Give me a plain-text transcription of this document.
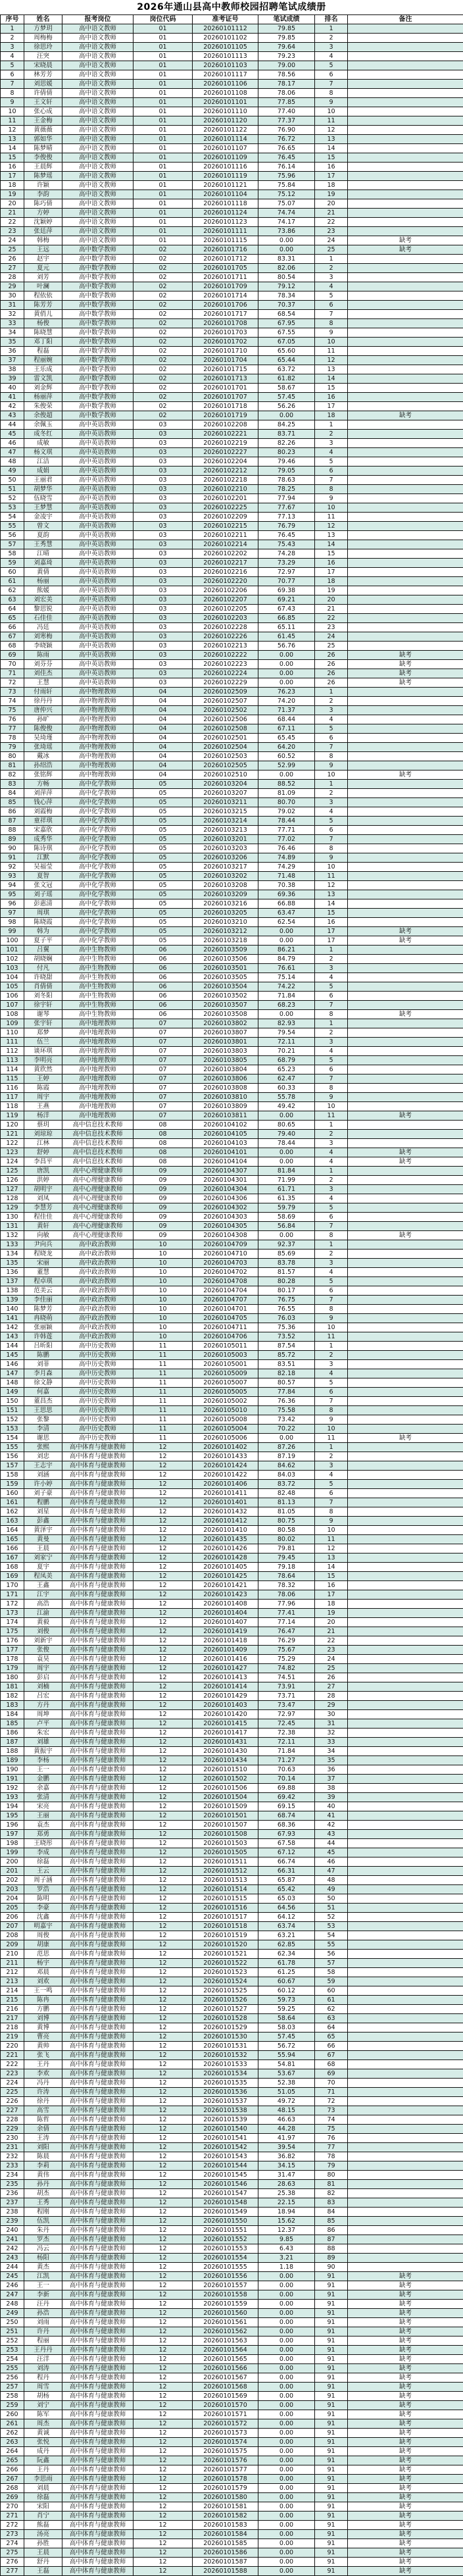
2026年通山县高中教师校园招聘笔试成绩册
序号	姓名	报考岗位	岗位代码	准考证号	笔试成绩	排名	备注
1	方梦玥	高中语文教师	01	20260101112	79.85	1	
2	周梅梅	高中语文教师	01	20260101102	79.85	2	
3	徐思玲	高中语文教师	01	20260101105	79.64	3	
4	汪突	高中语文教师	01	20260101113	79.23	4	
5	宋晓晨	高中语文教师	01	20260101103	79.00	5	
6	林芳芳	高中语文教师	01	20260101117	78.56	6	
7	刘思媛	高中语文教师	01	20260101106	78.17	7	
8	许倩倩	高中语文教师	01	20260101108	78.06	8	
9	王文轩	高中语文教师	01	20260101101	77.85	9	
10	张心成	高中语文教师	01	20260101110	77.40	10	
11	王金梅	高中语文教师	01	20260101120	77.37	11	
12	黄薇薇	高中语文教师	01	20260101122	76.90	12	
13	郭如华	高中语文教师	01	20260101114	76.72	13	
14	陈梦晴	高中语文教师	01	20260101107	76.65	14	
15	李俊俊	高中语文教师	01	20260101109	76.45	15	
16	王晨辉	高中语文教师	01	20260101116	76.14	16	
17	陈梦瑶	高中语文教师	01	20260101119	75.96	17	
18	许颖	高中语文教师	01	20260101121	75.84	18	
19	李韵	高中语文教师	01	20260101104	75.12	19	
20	陈巧倩	高中语文教师	01	20260101118	75.07	20	
21	方婷	高中语文教师	01	20260101124	74.74	21	
22	沈颖婷	高中语文教师	01	20260101123	74.17	22	
23	张廷萍	高中语文教师	01	20260101111	73.86	23	
24	韩梅	高中语文教师	01	20260101115	0.00	24	缺考
25	王远	高中数学教师	02	20260101716	0.00	25	缺考
26	赵宇	高中数学教师	02	20260101712	83.31	1	
27	夏元	高中数学教师	02	20260101705	82.06	2	
28	刘芳	高中数学教师	02	20260101711	80.54	3	
29	叶澜	高中数学教师	02	20260101709	79.12	4	
30	程依依	高中数学教师	02	20260101714	78.34	5	
31	陈芳芳	高中数学教师	02	20260101706	70.37	6	
32	黄俏儿	高中数学教师	02	20260101717	68.54	7	
33	杨俊	高中数学教师	02	20260101708	67.95	8	
34	陈晓慧	高中数学教师	02	20260101703	67.55	9	
35	邓丁阳	高中数学教师	02	20260101702	67.05	10	
36	程磊	高中数学教师	02	20260101710	65.60	11	
37	程丽婉	高中数学教师	02	20260101704	65.44	12	
38	王乐成	高中数学教师	02	20260101715	63.72	13	
39	雷文凯	高中数学教师	02	20260101713	61.82	14	
40	刘金辉	高中数学教师	02	20260101701	58.67	15	
41	杨丽萍	高中数学教师	02	20260101707	57.45	16	
42	朱俊荣	高中数学教师	02	20260101718	56.26	17	
43	余俊超	高中数学教师	02	20260101719	0.00	18	缺考
44	余佩玉	高中英语教师	03	20260102208	84.25	1	
45	成冬红	高中英语教师	03	20260102221	83.71	2	
46	成敏	高中英语教师	03	20260102219	82.26	3	
47	杨文琪	高中英语教师	03	20260102227	80.23	4	
48	江洁	高中英语教师	03	20260102204	79.46	5	
49	成娟	高中英语教师	03	20260102212	79.05	6	
50	王丽君	高中英语教师	03	20260102218	78.63	7	
51	胡梦华	高中英语教师	03	20260102210	78.25	8	
52	伍晓雪	高中英语教师	03	20260102201	77.94	9	
53	王梦慧	高中英语教师	03	20260102225	77.67	10	
54	金凌宇	高中英语教师	03	20260102209	77.13	11	
55	曾文	高中英语教师	03	20260102215	76.79	12	
56	夏韵	高中英语教师	03	20260102211	76.45	13	
57	王秀慧	高中英语教师	03	20260102214	75.43	14	
58	江晴	高中英语教师	03	20260102202	74.28	15	
59	刘嘉琦	高中英语教师	03	20260102217	73.29	16	
60	黄倩	高中英语教师	03	20260102216	72.97	17	
61	杨丽	高中英语教师	03	20260102220	70.77	18	
62	熊媛	高中英语教师	03	20260102206	69.38	19	
63	刘宏美	高中英语教师	03	20260102207	69.21	20	
64	黎思锐	高中英语教师	03	20260102205	67.43	21	
65	石佳佳	高中英语教师	03	20260102203	66.85	22	
66	冯廷	高中英语教师	03	20260102228	65.11	23	
67	刘寒梅	高中英语教师	03	20260102226	61.45	24	
68	李晓颖	高中英语教师	03	20260102213	56.76	25	
69	陈雨	高中英语教师	03	20260102222	0.00	26	缺考
70	刘芬芬	高中英语教师	03	20260102223	0.00	26	缺考
71	刘佳杰	高中英语教师	03	20260102224	0.00	26	缺考
72	王慧	高中英语教师	03	20260102229	0.00	26	缺考
73	付雨轩	高中物理教师	04	20260102509	76.23	1	
74	徐丹丹	高中物理教师	04	20260102507	74.20	2	
75	唐仲兴	高中物理教师	04	20260102502	71.37	3	
76	孙旷	高中物理教师	04	20260102506	68.44	4	
77	陈俊俊	高中物理教师	04	20260102508	67.11	5	
78	吴琦瑾	高中物理教师	04	20260102501	65.45	6	
79	张琦瑶	高中物理教师	04	20260102504	64.20	7	
80	戴冰	高中物理教师	04	20260102503	60.52	8	
81	孙绍浩	高中物理教师	04	20260102505	52.99	9	
82	张铭辉	高中物理教师	04	20260102510	0.00	10	缺考
83	方畅	高中化学教师	05	20260103204	88.52	1	
84	刘萍萍	高中化学教师	05	20260103207	81.09	2	
85	钱心萍	高中化学教师	05	20260103211	80.70	3	
86	刘霞梅	高中化学教师	05	20260103215	79.02	4	
87	童祥琪	高中化学教师	05	20260103214	78.44	5	
88	宋嘉欣	高中化学教师	05	20260103213	77.71	6	
89	成秀华	高中化学教师	05	20260103201	77.02	7	
90	陈诗琪	高中化学教师	05	20260103203	76.46	8	
91	江默	高中化学教师	05	20260103206	74.89	9	
92	吴福莹	高中化学教师	05	20260103217	74.29	10	
93	夏智	高中化学教师	05	20260103202	71.48	11	
94	张文冠	高中化学教师	05	20260103208	70.38	12	
95	刘子瑶	高中化学教师	05	20260103209	69.36	13	
96	彭惠清	高中化学教师	05	20260103216	66.88	14	
97	周琪	高中化学教师	05	20260103205	63.47	15	
98	陈晓霞	高中化学教师	05	20260103210	62.54	16	
99	韩为	高中化学教师	05	20260103212	0.00	17	缺考
100	夏子平	高中化学教师	05	20260103218	0.00	17	缺考
101	吕翼	高中生物教师	06	20260103509	86.21	1	
102	胡晓娴	高中生物教师	06	20260103506	84.79	2	
103	付凡	高中生物教师	06	20260103501	76.61	3	
104	许晓甜	高中生物教师	06	20260103505	75.14	4	
105	肖倩倩	高中生物教师	06	20260103504	74.22	5	
106	刘冬阳	高中生物教师	06	20260103502	71.84	6	
107	徐宇轩	高中生物教师	06	20260103507	68.23	7	
108	谢琴	高中生物教师	06	20260103508	0.00	8	缺考
109	张宇轩	高中地理教师	07	20260103802	82.93	1	
110	郑梦	高中地理教师	07	20260103807	79.54	2	
111	伍兰	高中地理教师	07	20260103801	72.11	3	
112	谈环琪	高中地理教师	07	20260103803	70.21	4	
113	李明亮	高中地理教师	07	20260103805	68.79	5	
114	黄欣然	高中地理教师	07	20260103804	65.23	6	
115	王婷	高中地理教师	07	20260103806	62.47	7	
116	陈霞	高中地理教师	07	20260103808	60.33	8	
117	周宇	高中地理教师	07	20260103810	55.78	9	
118	王燕	高中地理教师	07	20260103809	49.42	10	
119	杨洋	高中地理教师	07	20260103811	0.00	11	缺考
120	蔡玥	高中信息技术教师	08	20260104102	80.65	1	
121	刘琼琼	高中信息技术教师	08	20260104105	79.40	2	
122	江林	高中信息技术教师	08	20260104103	78.44	3	
123	舒婷	高中信息技术教师	08	20260104101	0.00	4	缺考
124	李昌平	高中信息技术教师	08	20260104104	0.00	4	缺考
125	唐凯	高中心理健康教师	09	20260104307	81.84	1	
126	洪婷	高中心理健康教师	09	20260104301	71.99	2	
127	胡明宇	高中心理健康教师	09	20260104304	61.71	3	
128	刘凤	高中心理健康教师	09	20260104306	61.35	4	
129	李慧芳	高中心理健康教师	09	20260104302	59.79	5	
130	程佳佳	高中心理健康教师	09	20260104303	58.69	6	
131	黄轩	高中心理健康教师	09	20260104305	56.84	7	
132	向敏	高中心理健康教师	09	20260104308	0.00	8	缺考
133	尹向兵	高中政治教师	10	20260104709	92.37	1	
134	程晓龙	高中政治教师	10	20260104710	85.69	2	
135	宋丽	高中政治教师	10	20260104703	83.78	3	
136	董慧	高中政治教师	10	20260104702	81.57	4	
137	程卓琪	高中政治教师	10	20260104708	80.28	5	
138	范美云	高中政治教师	10	20260104704	80.17	6	
139	李佳丽	高中政治教师	10	20260104707	76.75	7	
140	陈梦芳	高中政治教师	10	20260104701	76.55	8	
141	冉晓萌	高中政治教师	10	20260104705	76.03	9	
142	张丽颖	高中政治教师	10	20260104711	75.36	10	
143	许韩莲	高中政治教师	10	20260104706	73.52	11	
144	吕昕阳	高中历史教师	11	20260105011	87.54	1	
145	陈鹏	高中历史教师	11	20260105003	85.72	2	
146	刘菲	高中历史教师	11	20260105001	83.51	3	
147	李月森	高中历史教师	11	20260105009	82.18	4	
148	徐文静	高中历史教师	11	20260105007	80.57	5	
149	何嘉	高中历史教师	11	20260105005	77.84	6	
150	董昌杰	高中历史教师	11	20260105002	76.36	7	
151	王思思	高中历史教师	11	20260105010	75.58	8	
152	张黎	高中历史教师	11	20260105008	73.42	9	
153	李清	高中历史教师	11	20260105004	70.22	10	
154	谢思	高中历史教师	11	20260105006	0.00	11	缺考
155	张熙	高中体育与健康教师	12	20260101402	87.26	1	
156	刘忠	高中体育与健康教师	12	20260101433	87.19	2	
157	王志宇	高中体育与健康教师	12	20260101424	84.62	3	
158	刘涵	高中体育与健康教师	12	20260101422	84.03	4	
159	许小婷	高中体育与健康教师	12	20260101406	83.72	5	
160	刘子豪	高中体育与健康教师	12	20260101411	82.48	6	
161	程鹏	高中体育与健康教师	12	20260101401	81.13	7	
162	刘星	高中体育与健康教师	12	20260101432	81.05	8	
163	彭鑫	高中体育与健康教师	12	20260101412	80.75	9	
164	黄泽宇	高中体育与健康教师	12	20260101410	80.58	10	
165	黄曼	高中体育与健康教师	12	20260101435	80.02	11	
166	王晨	高中体育与健康教师	12	20260101426	79.81	12	
167	刘家宁	高中体育与健康教师	12	20260101428	79.45	13	
168	夏宇	高中体育与健康教师	12	20260101405	79.18	14	
169	程凤美	高中体育与健康教师	12	20260101425	78.64	15	
170	王鑫	高中体育与健康教师	12	20260101421	78.32	16	
171	江宇	高中体育与健康教师	12	20260101423	78.06	17	
172	高浩	高中体育与健康教师	12	20260101408	77.96	18	
173	江渝	高中体育与健康教师	12	20260101404	77.41	19	
174	黄毅	高中体育与健康教师	12	20260101407	77.14	20	
175	刘俊	高中体育与健康教师	12	20260101419	76.47	21	
176	刘新宇	高中体育与健康教师	12	20260101418	76.29	22	
177	张俊	高中体育与健康教师	12	20260101409	75.67	23	
178	袁昊	高中体育与健康教师	12	20260101416	75.29	24	
179	周宇	高中体育与健康教师	12	20260101427	74.82	25	
180	彭启	高中体育与健康教师	12	20260101413	74.51	26	
181	刘楠	高中体育与健康教师	12	20260101414	73.91	27	
182	吕宏	高中体育与健康教师	12	20260101429	73.71	28	
183	方丹	高中体育与健康教师	12	20260101403	73.47	29	
184	周坤	高中体育与健康教师	12	20260101420	72.97	30	
185	卢平	高中体育与健康教师	12	20260101415	72.45	31	
186	朱宏	高中体育与健康教师	12	20260101417	72.38	32	
187	刘雄	高中体育与健康教师	12	20260101431	72.11	33	
188	黄振宇	高中体育与健康教师	12	20260101430	71.84	34	
189	李杨	高中体育与健康教师	12	20260101434	71.27	35	
190	王一	高中体育与健康教师	12	20260101510	70.63	36	
191	金鹏	高中体育与健康教师	12	20260101502	70.14	37	
192	余嘉	高中体育与健康教师	12	20260101506	69.88	38	
193	张清	高中体育与健康教师	12	20260101504	69.42	39	
194	宋亮	高中体育与健康教师	12	20260101509	69.15	40	
195	王丽	高中体育与健康教师	12	20260101501	68.74	41	
196	袁杰	高中体育与健康教师	12	20260101507	68.36	42	
197	郑勇	高中体育与健康教师	12	20260101508	67.93	43	
198	王晓彤	高中体育与健康教师	12	20260101503	67.58	44	
199	李成	高中体育与健康教师	12	20260101505	67.12	45	
200	徐磊	高中体育与健康教师	12	20260101511	66.74	46	
201	王云	高中体育与健康教师	12	20260101512	66.31	47	
202	周子涵	高中体育与健康教师	12	20260101513	65.87	48	
203	罗浩	高中体育与健康教师	12	20260101514	65.42	49	
204	陈明	高中体育与健康教师	12	20260101515	65.03	50	
205	李豪	高中体育与健康教师	12	20260101516	64.56	51	
206	沈鑫	高中体育与健康教师	12	20260101517	64.12	52	
207	明嘉宇	高中体育与健康教师	12	20260101518	63.74	53	
208	周俊	高中体育与健康教师	12	20260101519	63.21	54	
209	胡康	高中体育与健康教师	12	20260101520	62.85	55	
210	范思	高中体育与健康教师	12	20260101521	62.34	56	
211	杨宇	高中体育与健康教师	12	20260101522	61.78	57	
212	邓晨	高中体育与健康教师	12	20260101523	61.25	58	
213	刘欢	高中体育与健康教师	12	20260101524	60.67	59	
214	王一鸣	高中体育与健康教师	12	20260101525	60.12	60	
215	陈冉	高中体育与健康教师	12	20260101526	59.73	61	
216	方鹏	高中体育与健康教师	12	20260101527	59.25	62	
217	刘博	高中体育与健康教师	12	20260101528	58.64	63	
218	黄博	高中体育与健康教师	12	20260101529	58.03	64	
219	曹亮	高中体育与健康教师	12	20260101530	57.45	65	
220	黄帅	高中体育与健康教师	12	20260101531	56.72	66	
221	张飞	高中体育与健康教师	12	20260101532	55.94	67	
222	王丹	高中体育与健康教师	12	20260101533	54.81	68	
223	李欢	高中体育与健康教师	12	20260101534	53.67	69	
224	冯丹	高中体育与健康教师	12	20260101535	52.38	70	
225	许涛	高中体育与健康教师	12	20260101536	51.05	71	
226	徐丹	高中体育与健康教师	12	20260101537	49.72	72	
227	高雪	高中体育与健康教师	12	20260101538	48.15	73	
228	陈哲	高中体育与健康教师	12	20260101539	46.63	74	
229	余倩	高中体育与健康教师	12	20260101540	44.28	75	
230	王涛	高中体育与健康教师	12	20260101541	41.97	76	
231	刘阳	高中体育与健康教师	12	20260101542	39.54	77	
232	陈晨	高中体育与健康教师	12	20260101543	36.82	78	
233	李莉	高中体育与健康教师	12	20260101544	34.15	79	
234	黄伟	高中体育与健康教师	12	20260101545	31.47	80	
235	孙丹	高中体育与健康教师	12	20260101546	28.63	81	
236	胡杰	高中体育与健康教师	12	20260101547	25.38	82	
237	王秀	高中体育与健康教师	12	20260101548	22.15	83	
238	程刚	高中体育与健康教师	12	20260101549	18.94	84	
239	伍凯	高中体育与健康教师	12	20260101550	15.62	85	
240	朱丹	高中体育与健康教师	12	20260101551	12.37	86	
241	罗杰	高中体育与健康教师	12	20260101552	9.85	87	
242	冯云	高中体育与健康教师	12	20260101553	6.43	88	
243	杨阳	高中体育与健康教师	12	20260101554	3.21	89	
244	黄杰	高中体育与健康教师	12	20260101555	1.18	90	
245	江凯	高中体育与健康教师	12	20260101556	0.00	91	缺考
246	王一	高中体育与健康教师	12	20260101557	0.00	91	缺考
247	李新	高中体育与健康教师	12	20260101558	0.00	91	缺考
248	汪丹	高中体育与健康教师	12	20260101559	0.00	91	缺考
249	孙浩	高中体育与健康教师	12	20260101560	0.00	91	缺考
250	刘雨	高中体育与健康教师	12	20260101561	0.00	91	缺考
251	许丹	高中体育与健康教师	12	20260101562	0.00	91	缺考
252	程丽	高中体育与健康教师	12	20260101563	0.00	91	缺考
253	王丹丹	高中体育与健康教师	12	20260101564	0.00	91	缺考
254	汪洋	高中体育与健康教师	12	20260101565	0.00	91	缺考
255	刘涛	高中体育与健康教师	12	20260101566	0.00	91	缺考
256	程丹	高中体育与健康教师	12	20260101567	0.00	91	缺考
257	周雪	高中体育与健康教师	12	20260101568	0.00	91	缺考
258	胡杨	高中体育与健康教师	12	20260101569	0.00	91	缺考
259	刘宁	高中体育与健康教师	12	20260101570	0.00	91	缺考
260	陈军	高中体育与健康教师	12	20260101571	0.00	91	缺考
261	周杰	高中体育与健康教师	12	20260101572	0.00	91	缺考
262	黄诚	高中体育与健康教师	12	20260101573	0.00	91	缺考
263	张悦	高中体育与健康教师	12	20260101574	0.00	91	缺考
264	成丹	高中体育与健康教师	12	20260101575	0.00	91	缺考
265	阮鑫	高中体育与健康教师	12	20260101576	0.00	91	缺考
266	王丹	高中体育与健康教师	12	20260101577	0.00	91	缺考
267	李思雨	高中体育与健康教师	12	20260101578	0.00	91	缺考
268	刘晨	高中体育与健康教师	12	20260101579	0.00	91	缺考
269	徐磊	高中体育与健康教师	12	20260101580	0.00	91	缺考
270	宋阳	高中体育与健康教师	12	20260101581	0.00	91	缺考
271	肖宁	高中体育与健康教师	12	20260101582	0.00	91	缺考
272	熊磊	高中体育与健康教师	12	20260101583	0.00	91	缺考
273	汤亮	高中体育与健康教师	12	20260101584	0.00	91	缺考
274	孙胜	高中体育与健康教师	12	20260101585	0.00	91	缺考
275	王晨	高中体育与健康教师	12	20260101586	0.00	91	缺考
276	舒丹	高中体育与健康教师	12	20260101587	0.00	91	缺考
277	王磊	高中体育与健康教师	12	20260101588	0.00	91	缺考
